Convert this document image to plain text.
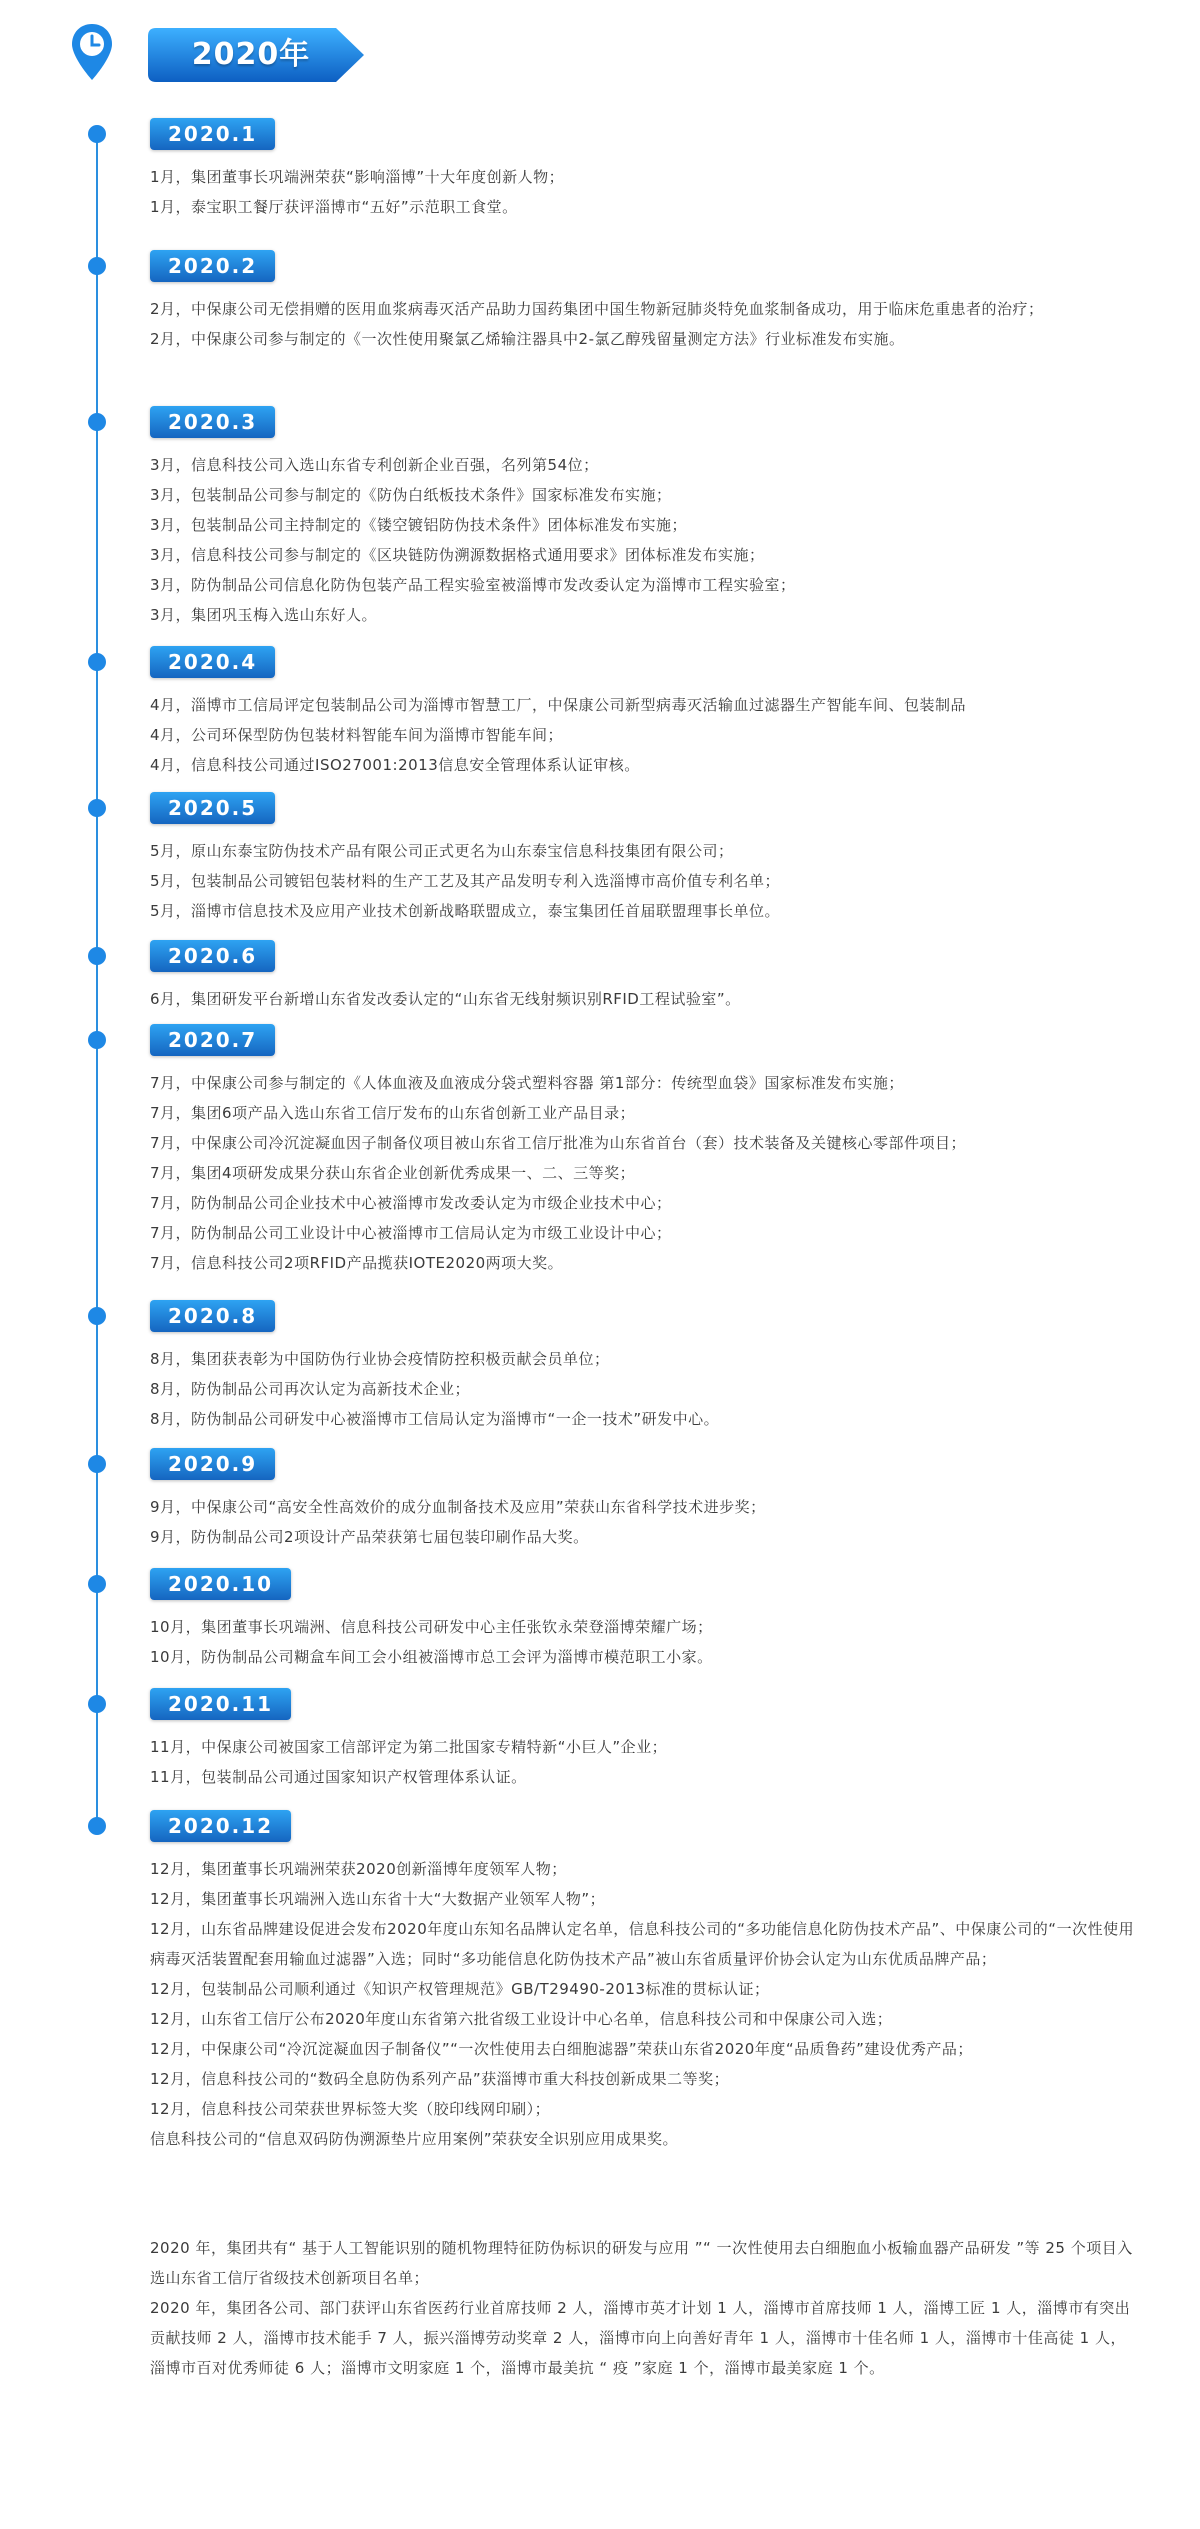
2020年
2020.1
1月，集团董事长巩端洲荣获“影响淄博”十大年度创新人物；
1月，泰宝职工餐厅获评淄博市“五好”示范职工食堂。
2020.2
2月，中保康公司无偿捐赠的医用血浆病毒灭活产品助力国药集团中国生物新冠肺炎特免血浆制备成功，用于临床危重患者的治疗；
2月，中保康公司参与制定的《一次性使用聚氯乙烯输注器具中2-氯乙醇残留量测定方法》行业标准发布实施。
2020.3
3月，信息科技公司入选山东省专利创新企业百强，名列第54位；
3月，包装制品公司参与制定的《防伪白纸板技术条件》国家标准发布实施；
3月，包装制品公司主持制定的《镂空镀铝防伪技术条件》团体标准发布实施；
3月，信息科技公司参与制定的《区块链防伪溯源数据格式通用要求》团体标准发布实施；
3月，防伪制品公司信息化防伪包装产品工程实验室被淄博市发改委认定为淄博市工程实验室；
3月，集团巩玉梅入选山东好人。
2020.4
4月，淄博市工信局评定包装制品公司为淄博市智慧工厂，中保康公司新型病毒灭活输血过滤器生产智能车间、包装制品
4月，公司环保型防伪包装材料智能车间为淄博市智能车间；
4月，信息科技公司通过ISO27001:2013信息安全管理体系认证审核。
2020.5
5月，原山东泰宝防伪技术产品有限公司正式更名为山东泰宝信息科技集团有限公司；
5月，包装制品公司镀铝包装材料的生产工艺及其产品发明专利入选淄博市高价值专利名单；
5月，淄博市信息技术及应用产业技术创新战略联盟成立，泰宝集团任首届联盟理事长单位。
2020.6
6月，集团研发平台新增山东省发改委认定的“山东省无线射频识别RFID工程试验室”。
2020.7
7月，中保康公司参与制定的《人体血液及血液成分袋式塑料容器 第1部分：传统型血袋》国家标准发布实施；
7月，集团6项产品入选山东省工信厅发布的山东省创新工业产品目录；
7月，中保康公司冷沉淀凝血因子制备仪项目被山东省工信厅批准为山东省首台（套）技术装备及关键核心零部件项目；
7月，集团4项研发成果分获山东省企业创新优秀成果一、二、三等奖；
7月，防伪制品公司企业技术中心被淄博市发改委认定为市级企业技术中心；
7月，防伪制品公司工业设计中心被淄博市工信局认定为市级工业设计中心；
7月，信息科技公司2项RFID产品揽获IOTE2020两项大奖。
2020.8
8月，集团获表彰为中国防伪行业协会疫情防控积极贡献会员单位；
8月，防伪制品公司再次认定为高新技术企业；
8月，防伪制品公司研发中心被淄博市工信局认定为淄博市“一企一技术”研发中心。
2020.9
9月，中保康公司“高安全性高效价的成分血制备技术及应用”荣获山东省科学技术进步奖；
9月，防伪制品公司2项设计产品荣获第七届包装印刷作品大奖。
2020.10
10月，集团董事长巩端洲、信息科技公司研发中心主任张钦永荣登淄博荣耀广场；
10月，防伪制品公司糊盒车间工会小组被淄博市总工会评为淄博市模范职工小家。
2020.11
11月，中保康公司被国家工信部评定为第二批国家专精特新“小巨人”企业；
11月，包装制品公司通过国家知识产权管理体系认证。
2020.12
12月，集团董事长巩端洲荣获2020创新淄博年度领军人物；
12月，集团董事长巩端洲入选山东省十大“大数据产业领军人物”；
12月，山东省品牌建设促进会发布2020年度山东知名品牌认定名单，信息科技公司的“多功能信息化防伪技术产品”、中保康公司的“一次性使用病毒灭活装置配套用输血过滤器”入选；同时“多功能信息化防伪技术产品”被山东省质量评价协会认定为山东优质品牌产品；
12月，包装制品公司顺利通过《知识产权管理规范》GB/T29490-2013标准的贯标认证；
12月，山东省工信厅公布2020年度山东省第六批省级工业设计中心名单，信息科技公司和中保康公司入选；
12月，中保康公司“冷沉淀凝血因子制备仪”“一次性使用去白细胞滤器”荣获山东省2020年度“品质鲁药”建设优秀产品；
12月，信息科技公司的“数码全息防伪系列产品”获淄博市重大科技创新成果二等奖；
12月，信息科技公司荣获世界标签大奖（胶印线网印刷）；
信息科技公司的“信息双码防伪溯源垫片应用案例”荣获安全识别应用成果奖。
2020 年，集团共有“ 基于人工智能识别的随机物理特征防伪标识的研发与应用 ”“ 一次性使用去白细胞血小板输血器产品研发 ”等 25 个项目入选山东省工信厅省级技术创新项目名单；
2020 年，集团各公司、部门获评山东省医药行业首席技师 2 人，淄博市英才计划 1 人，淄博市首席技师 1 人，淄博工匠 1 人，淄博市有突出贡献技师 2 人，淄博市技术能手 7 人，振兴淄博劳动奖章 2 人，淄博市向上向善好青年 1 人，淄博市十佳名师 1 人，淄博市十佳高徒 1 人，淄博市百对优秀师徒 6 人；淄博市文明家庭 1 个，淄博市最美抗 “ 疫 ”家庭 1 个，淄博市最美家庭 1 个。
